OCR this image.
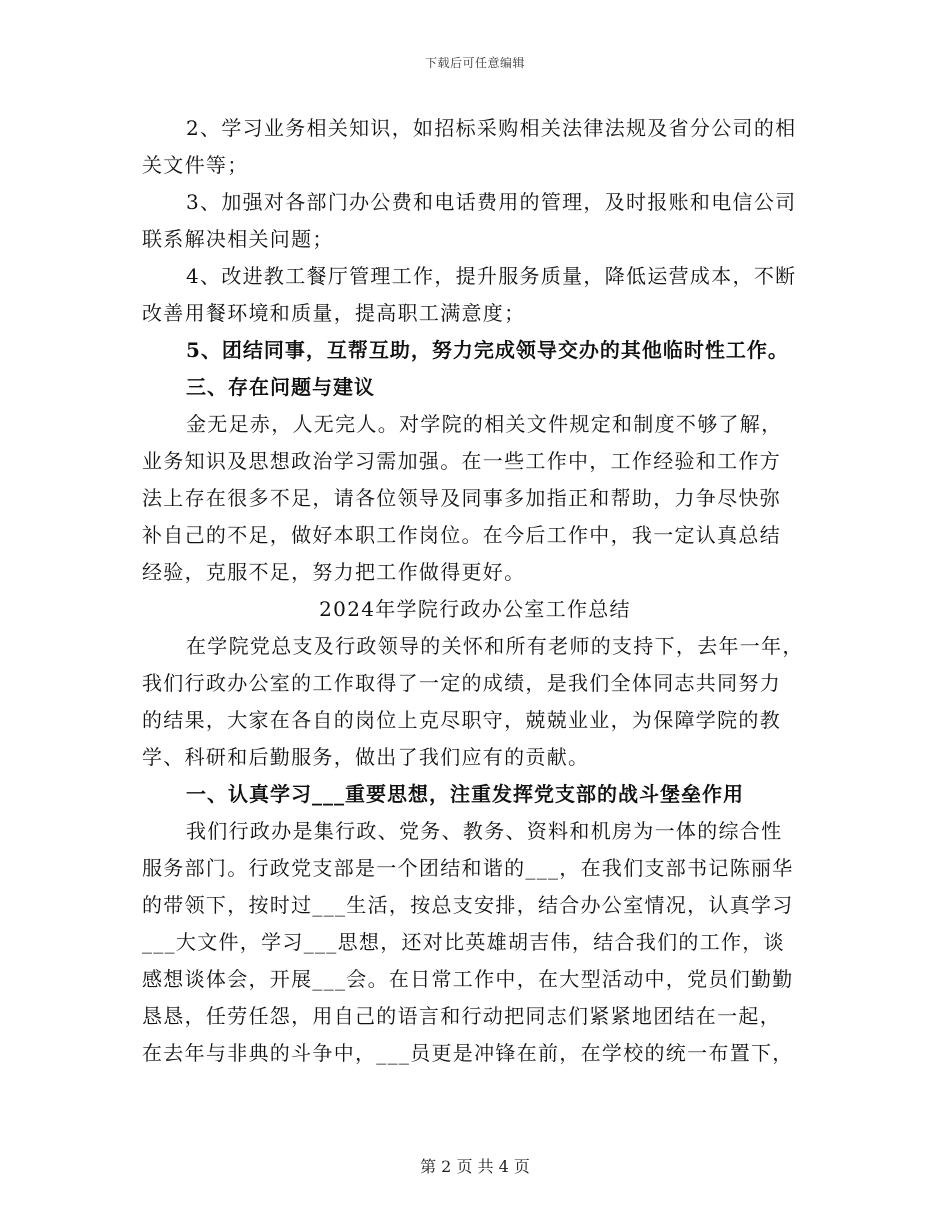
下载后可任意编辑
2、学习业务相关知识，如招标采购相关法律法规及省分公司的相
关文件等；
3、加强对各部门办公费和电话费用的管理，及时报账和电信公司
联系解决相关问题；
4、改进教工餐厅管理工作，提升服务质量，降低运营成本，不断
改善用餐环境和质量，提高职工满意度；
5、团结同事，互帮互助，努力完成领导交办的其他临时性工作。
三、存在问题与建议
金无足赤，人无完人。对学院的相关文件规定和制度不够了解，
业务知识及思想政治学习需加强。在一些工作中，工作经验和工作方
法上存在很多不足，请各位领导及同事多加指正和帮助，力争尽快弥
补自己的不足，做好本职工作岗位。在今后工作中，我一定认真总结
经验，克服不足，努力把工作做得更好。
2024年学院行政办公室工作总结
在学院党总支及行政领导的关怀和所有老师的支持下，去年一年，
我们行政办公室的工作取得了一定的成绩，是我们全体同志共同努力
的结果，大家在各自的岗位上克尽职守，兢兢业业，为保障学院的教
学、科研和后勤服务，做出了我们应有的贡献。
一、认真学习___重要思想，注重发挥党支部的战斗堡垒作用
我们行政办是集行政、党务、教务、资料和机房为一体的综合性
服务部门。行政党支部是一个团结和谐的___，在我们支部书记陈丽华
的带领下，按时过___生活，按总支安排，结合办公室情况，认真学习
___大文件，学习___思想，还对比英雄胡吉伟，结合我们的工作，谈
感想谈体会，开展___会。在日常工作中，在大型活动中，党员们勤勤
恳恳，任劳任怨，用自己的语言和行动把同志们紧紧地团结在一起，
在去年与非典的斗争中，___员更是冲锋在前，在学校的统一布置下，
第 2 页 共 4 页
